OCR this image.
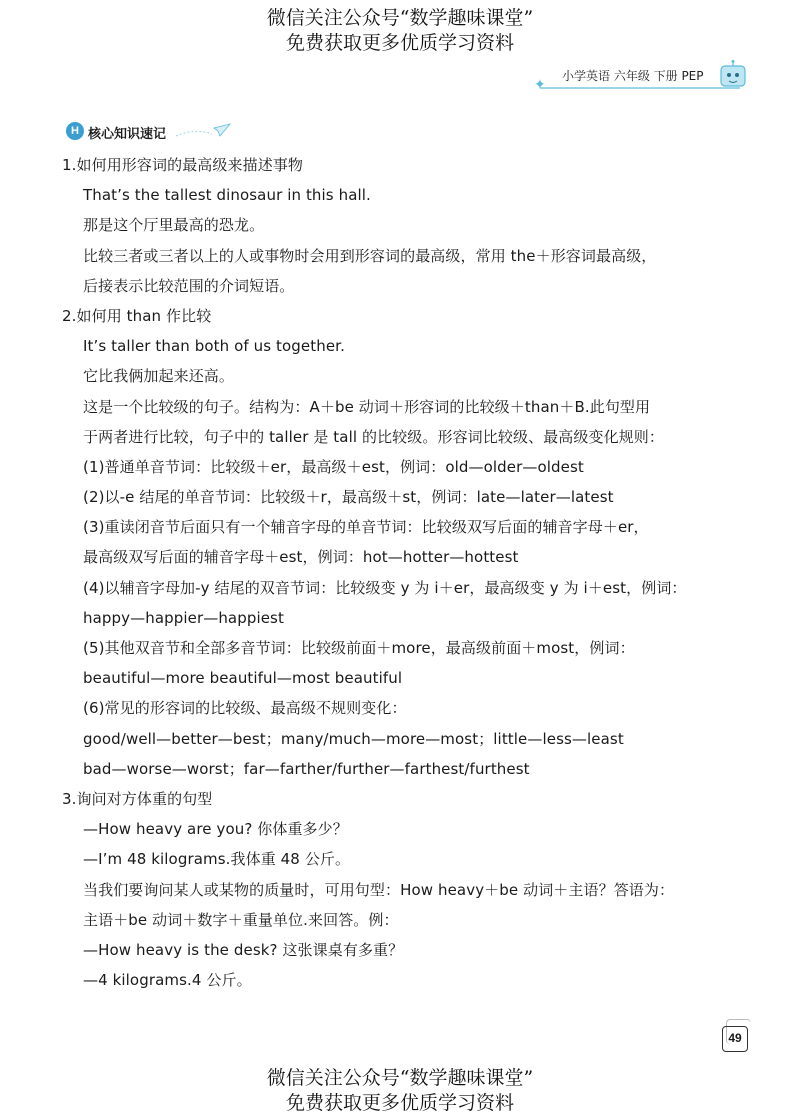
微信关注公众号“数学趣味课堂”
免费获取更多优质学习资料
✦
小学英语 六年级 下册 PEP
H 核心知识速记
1.如何用形容词的最高级来描述事物
That’s the tallest dinosaur in this hall.
那是这个厅里最高的恐龙。
比较三者或三者以上的人或事物时会用到形容词的最高级，常用 the＋形容词最高级，
后接表示比较范围的介词短语。
2.如何用 than 作比较
It’s taller than both of us together.
它比我俩加起来还高。
这是一个比较级的句子。结构为：A＋be 动词＋形容词的比较级＋than＋B.此句型用
于两者进行比较，句子中的 taller 是 tall 的比较级。形容词比较级、最高级变化规则：
(1)普通单音节词：比较级＋er，最高级＋est，例词：old—older—oldest
(2)以-e 结尾的单音节词：比较级＋r，最高级＋st，例词：late—later—latest
(3)重读闭音节后面只有一个辅音字母的单音节词：比较级双写后面的辅音字母＋er，
最高级双写后面的辅音字母＋est，例词：hot—hotter—hottest
(4)以辅音字母加-y 结尾的双音节词：比较级变 y 为 i＋er，最高级变 y 为 i＋est，例词：
happy—happier—happiest
(5)其他双音节和全部多音节词：比较级前面＋more，最高级前面＋most，例词：
beautiful—more beautiful—most beautiful
(6)常见的形容词的比较级、最高级不规则变化：
good/well—better—best；many/much—more—most；little—less—least
bad—worse—worst；far—farther/further—farthest/furthest
3.询问对方体重的句型
—How heavy are you? 你体重多少？
—I’m 48 kilograms.我体重 48 公斤。
当我们要询问某人或某物的质量时，可用句型：How heavy＋be 动词＋主语？答语为：
主语＋be 动词＋数字＋重量单位.来回答。例：
—How heavy is the desk? 这张课桌有多重？
—4 kilograms.4 公斤。
49
微信关注公众号“数学趣味课堂”
免费获取更多优质学习资料
